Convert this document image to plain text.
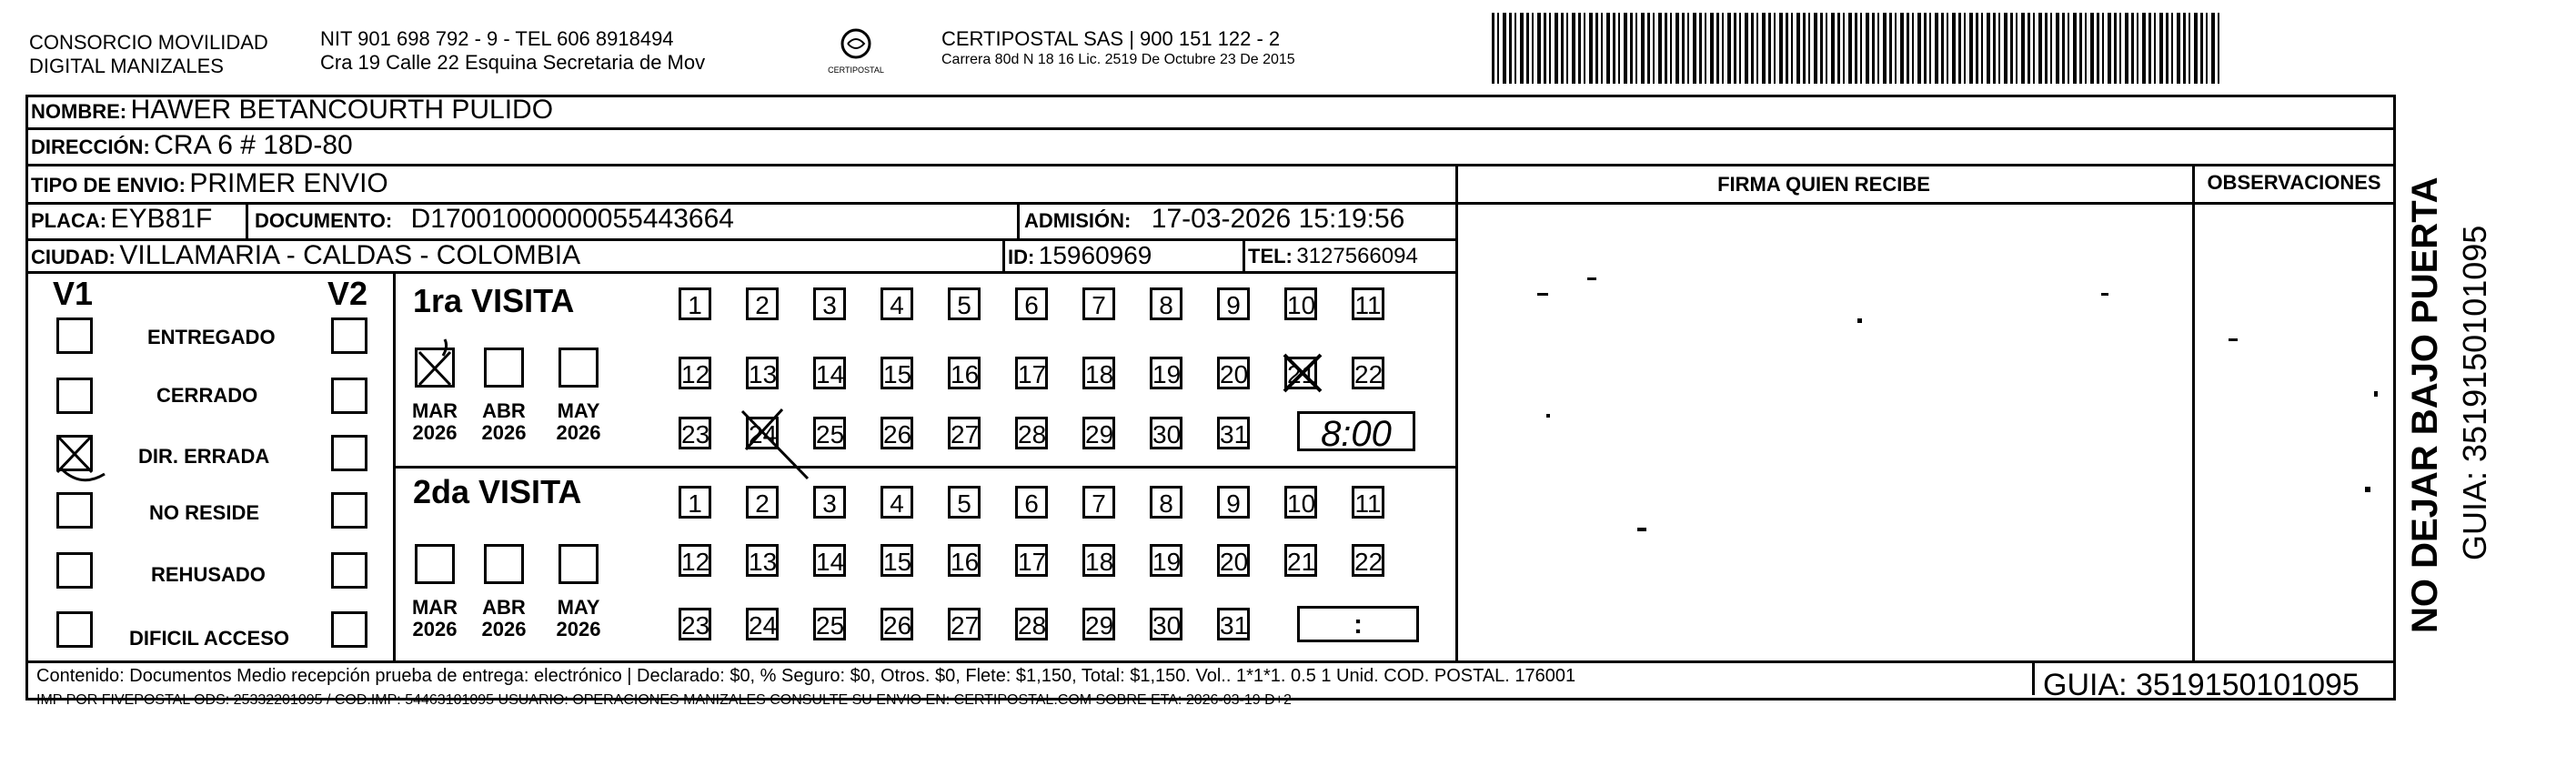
CONSORCIO MOVILIDAD
DIGITAL MANIZALES
NIT 901 698 792 - 9 - TEL 606 8918494
Cra 19 Calle 22 Esquina Secretaria de Mov	CERTIPOSTAL
CERTIPOSTAL SAS | 900 151 122 - 2
Carrera 80d N 18 16 Lic. 2519 De Octubre 23 De 2015
NOMBRE: HAWER BETANCOURTH PULIDO
DIRECCIÓN: CRA 6 # 18D-80
TIPO DE ENVIO: PRIMER ENVIO
PLACA: EYB81F DOCUMENTO: D17001000000055443664	ADMISIÓN: 17-03-2026 15:19:56
CIUDAD: VILLAMARIA - CALDAS - COLOMBIA	ID: 15960969	TEL: 3127566094
FIRMA QUIEN RECIBE	OBSERVACIONES
V1	V2
ENTREGADO
CERRADO
DIR. ERRADA
NO RESIDE
REHUSADO
DIFICIL ACCESO
1ra VISITA
MAR
2026
ABR
2026
MAY
2026
1	2	3	4	5	6	7	8	9	10 11
12 13 14 15 16 17 18 19 20 21 22
23 24 25 26 27 28 29 30 31	8:00
2da VISITA
MAR
2026
ABR
2026
MAY
2026
1	2	3	4	5	6	7	8	9	10 11
12 13 14 15 16 17 18 19 20 21 22
23 24 25 26 27 28 29 30 31	:
Contenido: Documentos Medio recepción prueba de entrega: electrónico | Declarado: $0, % Seguro: $0, Otros. $0, Flete: $1,150, Total: $1,150. Vol.. 1*1*1. 0.5 1 Unid. COD. POSTAL. 176001
IMP POR FIVEPOSTAL ODS: 25332201095 / COD.IMP: 54463101095 USUARIO: OPERACIONES MANIZALES CONSULTE SU ENVIO EN: CERTIPOSTAL.COM SOBRE ETA: 2026-03-19 D+2	GUIA: 3519150101095
NO DEJAR BAJO PUERTA GUIA: 3519150101095
